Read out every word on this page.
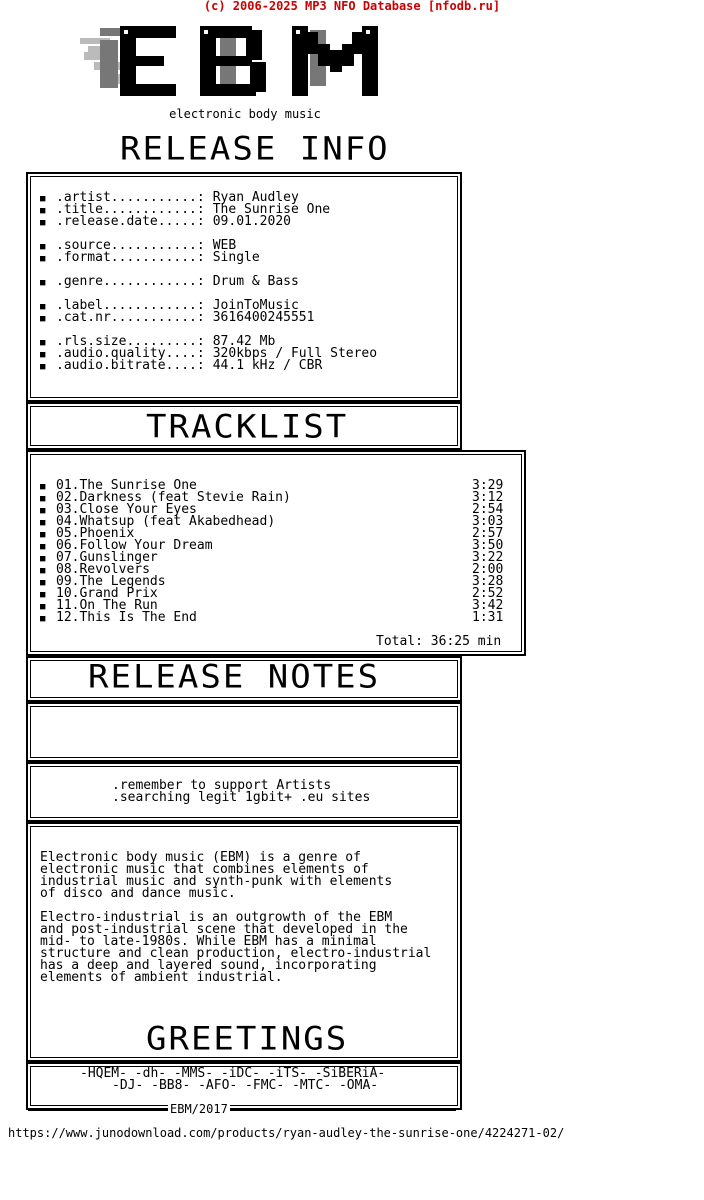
(c) 2006-2025 MP3 NFO Database [nfodb.ru]
electronic body music
RELEASE INFO
■ .artist...........: Ryan Audley
■ .title............: The Sunrise One
■ .release.date.....: 09.01.2020
■ .source...........: WEB
■ .format...........: Single
■ .genre............: Drum & Bass
■ .label............: JoinToMusic
■ .cat.nr...........: 3616400245551
■ .rls.size.........: 87.42 Mb
■ .audio.quality....: 320kbps / Full Stereo
■ .audio.bitrate....: 44.1 kHz / CBR
TRACKLIST
■ 01.The Sunrise One	3:29
■ 02.Darkness (feat Stevie Rain)	3:12
■ 03.Close Your Eyes	2:54
■ 04.Whatsup (feat Akabedhead)	3:03
■ 05.Phoenix	2:57
■ 06.Follow Your Dream	3:50
■ 07.Gunslinger	3:22
■ 08.Revolvers	2:00
■ 09.The Legends	3:28
■ 10.Grand Prix	2:52
■ 11.On The Run	3:42
■ 12.This Is The End	1:31
Total: 36:25 min
RELEASE NOTES
.remember to support Artists
.searching legit 1gbit+ .eu sites
Electronic body music (EBM) is a genre of
electronic music that combines elements of
industrial music and synth-punk with elements
of disco and dance music.
Electro-industrial is an outgrowth of the EBM
and post-industrial scene that developed in the
mid- to late-1980s. While EBM has a minimal
structure and clean production, electro-industrial
has a deep and layered sound, incorporating
elements of ambient industrial.
GREETINGS
-HQEM- -dh- -MMS- -iDC- -iTS- -SiBERiA-
-DJ- -BB8- -AFO- -FMC- -MTC- -OMA-
EBM/2017
https://www.junodownload.com/products/ryan-audley-the-sunrise-one/4224271-02/
